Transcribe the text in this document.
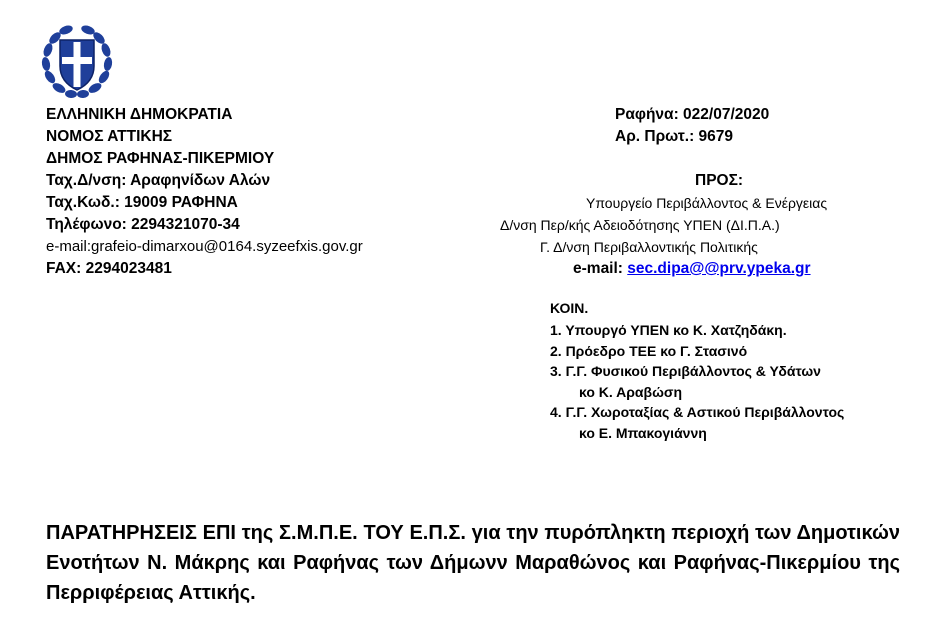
ΕΛΛΗΝΙΚΗ ΔΗΜΟΚΡΑΤΙΑ
ΝΟΜΟΣ ΑΤΤΙΚΗΣ
ΔΗΜΟΣ ΡΑΦΗΝΑΣ-ΠΙΚΕΡΜΙΟΥ
Ταχ.Δ/νση: Αραφηνίδων Αλών
Ταχ.Κωδ.: 19009 ΡΑΦΗΝΑ
Τηλέφωνο: 2294321070-34
e-mail:grafeio-dimarxou@0164.syzeefxis.gov.gr
FAX: 2294023481
Ραφήνα: 022/07/2020
Αρ. Πρωτ.: 9679
ΠΡΟΣ:
Υπουργείο Περιβάλλοντος & Ενέργειας
Δ/νση Περ/κής Αδειοδότησης ΥΠΕΝ (ΔΙ.Π.Α.)
Γ. Δ/νση Περιβαλλοντικής Πολιτικής
e-mail: sec.dipa@@prv.ypeka.gr
ΚΟΙΝ.
1. Υπουργό ΥΠΕΝ κο Κ. Χατζηδάκη.
2. Πρόεδρο ΤΕΕ κο Γ. Στασινό
3. Γ.Γ. Φυσικού Περιβάλλοντος & Υδάτων
κο Κ. Αραβώση
4. Γ.Γ. Χωροταξίας & Αστικού Περιβάλλοντος
κο Ε. Μπακογιάννη
ΠΑΡΑΤΗΡΗΣΕΙΣ ΕΠΙ της Σ.Μ.Π.Ε. ΤΟΥ Ε.Π.Σ. για την πυρόπληκτη περιοχή των Δημοτικών Ενοτήτων Ν. Μάκρης και Ραφήνας των Δήμωνν Μαραθώνος και Ραφήνας-Πικερμίου της Περριφέρειας Αττικής.
